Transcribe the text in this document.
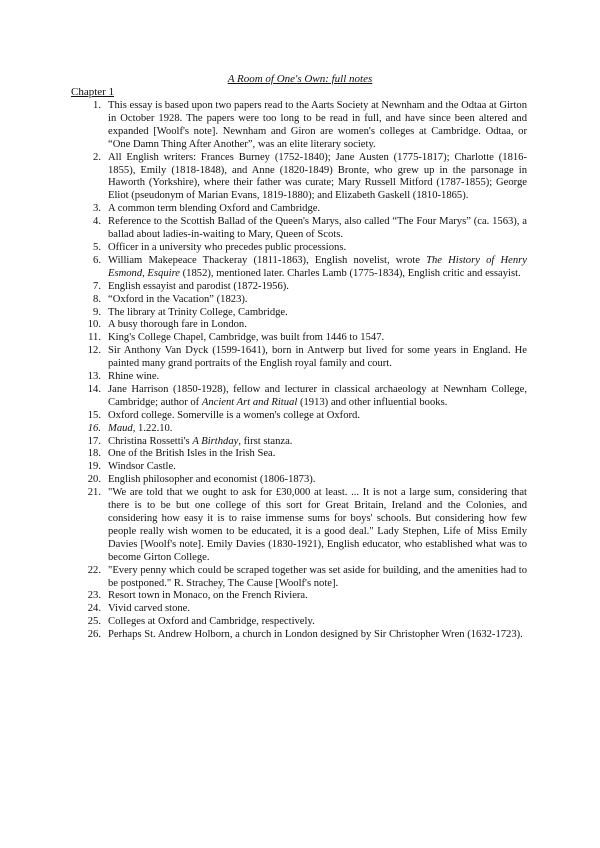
A Room of One's Own: full notes
Chapter 1
1. This essay is based upon two papers read to the Aarts Society at Newnham and the Odtaa at Girton in October 1928. The papers were too long to be read in full, and have since been altered and expanded [Woolf's note]. Newnham and Giron are women's colleges at Cambridge. Odtaa, or “One Damn Thing After Another”, was an elite literary society.
2. All English writers: Frances Burney (1752-1840); Jane Austen (1775-1817); Charlotte (1816-1855), Emily (1818-1848), and Anne (1820-1849) Bronte, who grew up in the parsonage in Haworth (Yorkshire), where their father was curate; Mary Russell Mitford (1787-1855); George Eliot (pseudonym of Marian Evans, 1819-1880); and Elizabeth Gaskell (1810-1865).
3. A common term blending Oxford and Cambridge.
4. Reference to the Scottish Ballad of the Queen's Marys, also called “The Four Marys” (ca. 1563), a ballad about ladies-in-waiting to Mary, Queen of Scots.
5. Officer in a university who precedes public processions.
6. William Makepeace Thackeray (1811-1863), English novelist, wrote The History of Henry Esmond, Esquire (1852), mentioned later. Charles Lamb (1775-1834), English critic and essayist.
7. English essayist and parodist (1872-1956).
8. “Oxford in the Vacation” (1823).
9. The library at Trinity College, Cambridge.
10. A busy thorough fare in London.
11. King's College Chapel, Cambridge, was built from 1446 to 1547.
12. Sir Anthony Van Dyck (1599-1641), born in Antwerp but lived for some years in England. He painted many grand portraits of the English royal family and court.
13. Rhine wine.
14. Jane Harrison (1850-1928), fellow and lecturer in classical archaeology at Newnham College, Cambridge; author of Ancient Art and Ritual (1913) and other influential books.
15. Oxford college. Somerville is a women's college at Oxford.
16. Maud, 1.22.10.
17. Christina Rossetti's A Birthday, first stanza.
18. One of the British Isles in the Irish Sea.
19. Windsor Castle.
20. English philosopher and economist (1806-1873).
21. "We are told that we ought to ask for £30,000 at least. ... It is not a large sum, considering that there is to be but one college of this sort for Great Britain, Ireland and the Colonies, and considering how easy it is to raise immense sums for boys' schools. But considering how few people really wish women to be educated, it is a good deal." Lady Stephen, Life of Miss Emily Davies [Woolf's note]. Emily Davies (1830-1921), English educator, who established what was to become Girton College.
22. "Every penny which could be scraped together was set aside for building, and the amenities had to be postponed." R. Strachey, The Cause [Woolf's note].
23. Resort town in Monaco, on the French Riviera.
24. Vivid carved stone.
25. Colleges at Oxford and Cambridge, respectively.
26. Perhaps St. Andrew Holborn, a church in London designed by Sir Christopher Wren (1632-1723).
